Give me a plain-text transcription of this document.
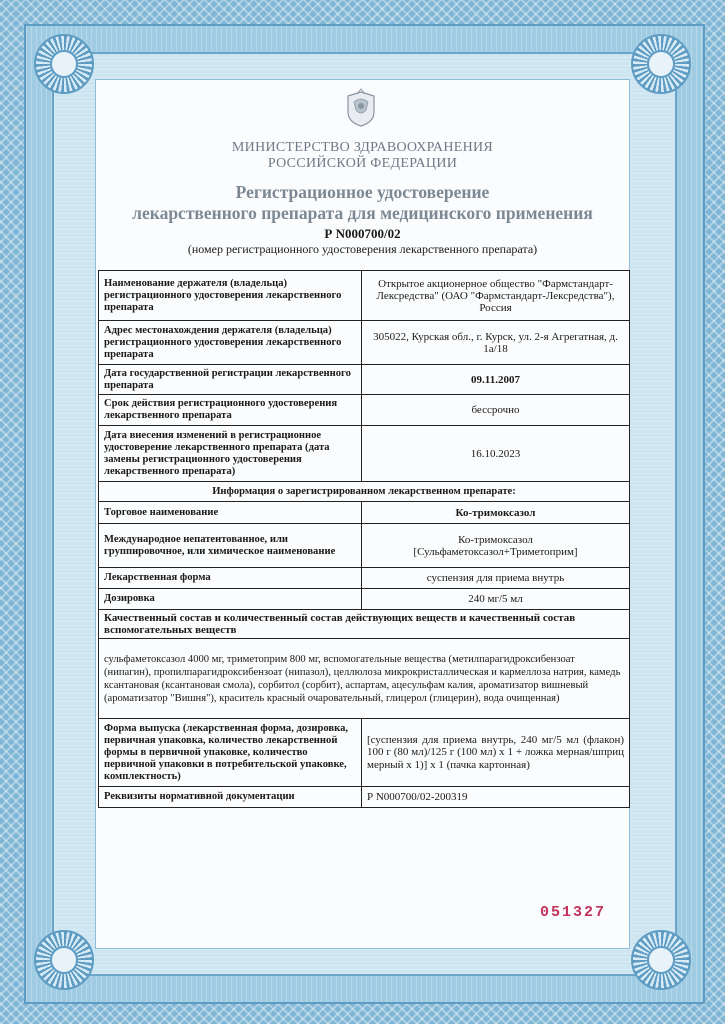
МИНИСТЕРСТВО ЗДРАВООХРАНЕНИЯ
РОССИЙСКОЙ ФЕДЕРАЦИИ
Регистрационное удостоверение
лекарственного препарата для медицинского применения
Р N000700/02
(номер регистрационного удостоверения лекарственного препарата)
Наименование держателя (владельца) регистрационного удостоверения лекарственного препарата	Открытое акционерное общество "Фармстандарт-Лексредства" (ОАО "Фармстандарт-Лексредства"), Россия
Адрес местонахождения держателя (владельца) регистрационного удостоверения лекарственного препарата	305022, Курская обл., г. Курск, ул. 2-я Агрегатная, д. 1а/18
Дата государственной регистрации лекарственного препарата	09.11.2007
Срок действия регистрационного удостоверения лекарственного препарата	бессрочно
Дата внесения изменений в регистрационное удостоверение лекарственного препарата (дата замены регистрационного удостоверения лекарственного препарата)	16.10.2023
Информация о зарегистрированном лекарственном препарате:	
Торговое наименование	Ко-тримоксазол
Международное непатентованное, или группировочное, или химическое наименование	Ко-тримоксазол
[Сульфаметоксазол+Триметоприм]

Лекарственная форма	суспензия для приема внутрь
Дозировка	240 мг/5 мл
Качественный состав и количественный состав действующих веществ и качественный состав вспомогательных веществ	
сульфаметоксазол 4000 мг, триметоприм 800 мг, вспомогательные вещества (метилпарагидроксибензоат (нипагин), пропилпарагидроксибензоат (нипазол), целлюлоза микрокристаллическая и кармеллоза натрия, камедь ксантановая (ксантановая смола), сорбитол (сорбит), аспартам, ацесульфам калия, ароматизатор вишневый (ароматизатор "Вишня"), краситель красный очаровательный, глицерол (глицерин), вода очищенная)	
Форма выпуска (лекарственная форма, дозировка, первичная упаковка, количество лекарственной формы в первичной упаковке, количество первичной упаковки в потребительской упаковке, комплектность)	[суспензия для приема внутрь, 240 мг/5 мл (флакон) 100 г (80 мл)/125 г (100 мл) x 1 + ложка мерная/шприц мерный x 1)] x 1 (пачка картонная)
Реквизиты нормативной документации	Р N000700/02-200319
051327
